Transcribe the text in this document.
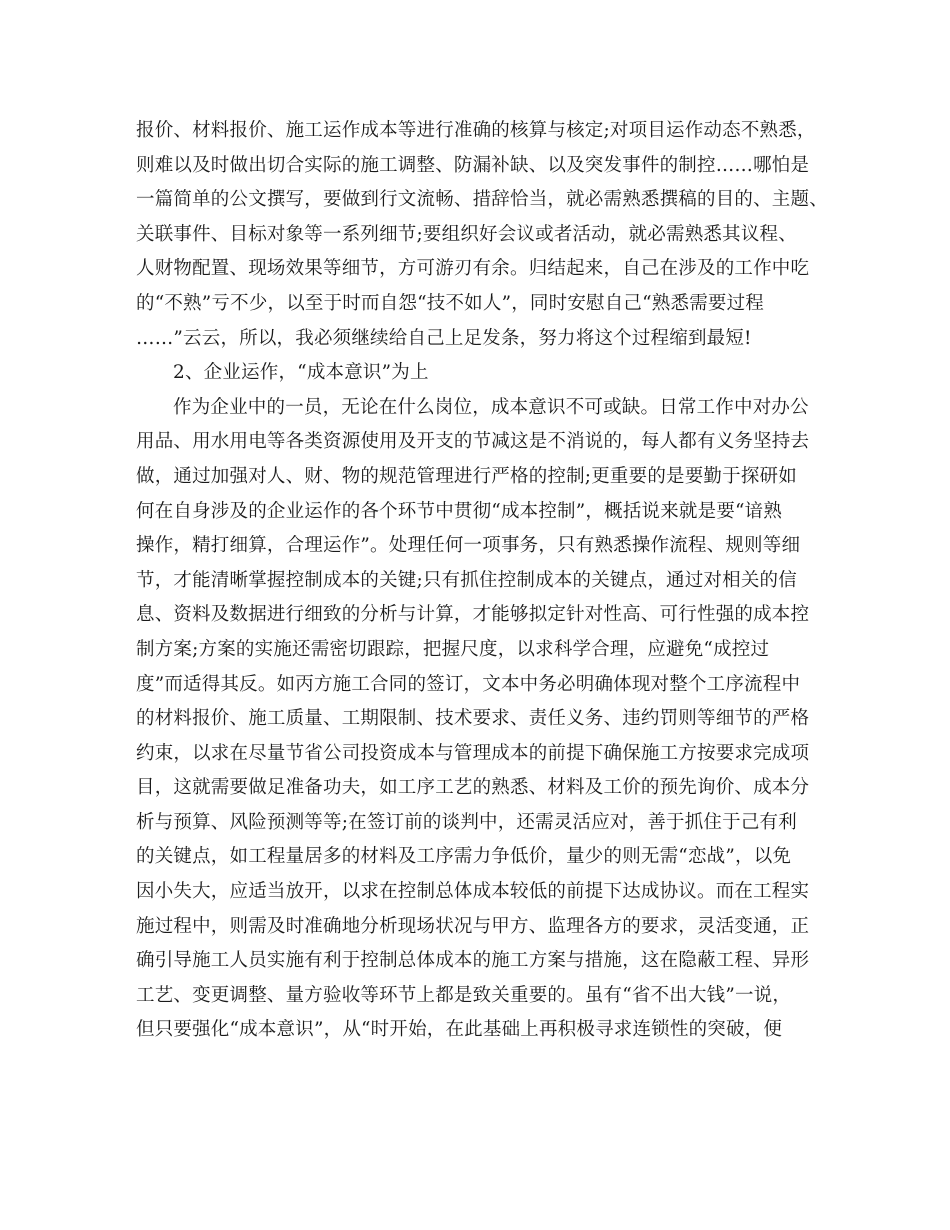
报价、材料报价、施工运作成本等进行准确的核算与核定;对项目运作动态不熟悉，
则难以及时做出切合实际的施工调整、防漏补缺、以及突发事件的制控……哪怕是
一篇简单的公文撰写，要做到行文流畅、措辞恰当，就必需熟悉撰稿的目的、主题、
关联事件、目标对象等一系列细节;要组织好会议或者活动，就必需熟悉其议程、
人财物配置、现场效果等细节，方可游刃有余。归结起来，自己在涉及的工作中吃
的“不熟”亏不少，以至于时而自怨“技不如人”，同时安慰自己“熟悉需要过程
……”云云，所以，我必须继续给自己上足发条，努力将这个过程缩到最短!
2、企业运作，“成本意识”为上
作为企业中的一员，无论在什么岗位，成本意识不可或缺。日常工作中对办公
用品、用水用电等各类资源使用及开支的节减这是不消说的，每人都有义务坚持去
做，通过加强对人、财、物的规范管理进行严格的控制;更重要的是要勤于探研如
何在自身涉及的企业运作的各个环节中贯彻“成本控制”，概括说来就是要“谙熟
操作，精打细算，合理运作”。处理任何一项事务，只有熟悉操作流程、规则等细
节，才能清晰掌握控制成本的关键;只有抓住控制成本的关键点，通过对相关的信
息、资料及数据进行细致的分析与计算，才能够拟定针对性高、可行性强的成本控
制方案;方案的实施还需密切跟踪，把握尺度，以求科学合理，应避免“成控过
度”而适得其反。如丙方施工合同的签订，文本中务必明确体现对整个工序流程中
的材料报价、施工质量、工期限制、技术要求、责任义务、违约罚则等细节的严格
约束，以求在尽量节省公司投资成本与管理成本的前提下确保施工方按要求完成项
目，这就需要做足准备功夫，如工序工艺的熟悉、材料及工价的预先询价、成本分
析与预算、风险预测等等;在签订前的谈判中，还需灵活应对，善于抓住于己有利
的关键点，如工程量居多的材料及工序需力争低价，量少的则无需“恋战”，以免
因小失大，应适当放开，以求在控制总体成本较低的前提下达成协议。而在工程实
施过程中，则需及时准确地分析现场状况与甲方、监理各方的要求，灵活变通，正
确引导施工人员实施有利于控制总体成本的施工方案与措施，这在隐蔽工程、异形
工艺、变更调整、量方验收等环节上都是致关重要的。虽有“省不出大钱”一说，
但只要强化“成本意识”，从“时开始，在此基础上再积极寻求连锁性的突破，便
